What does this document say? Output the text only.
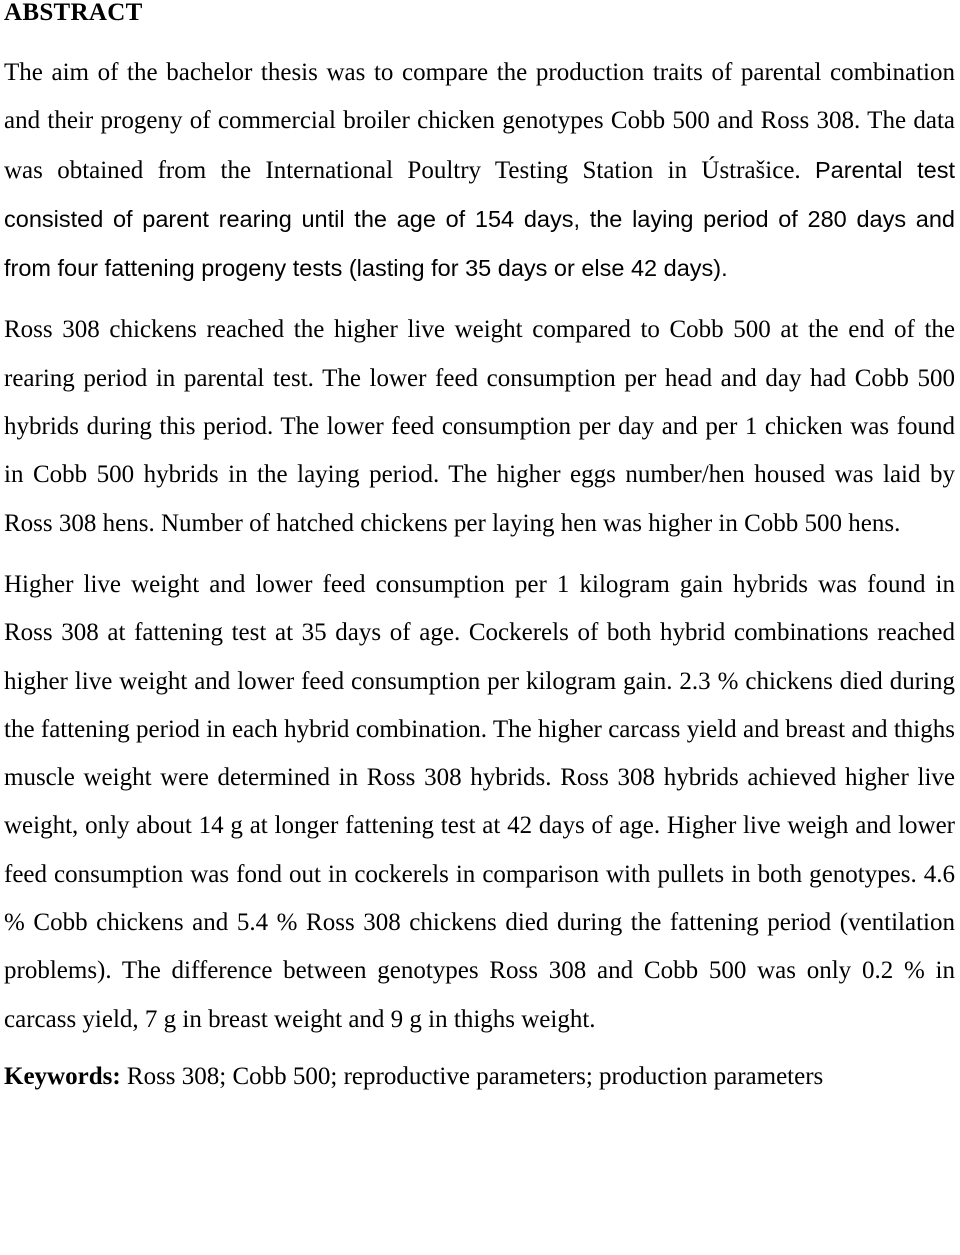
ABSTRACT

The aim of the bachelor thesis was to compare the production traits of parental combination and their progeny of commercial broiler chicken genotypes Cobb 500 and Ross 308. The data was obtained from the International Poultry Testing Station in Ústrašice. Parental test consisted of parent rearing until the age of 154 days, the laying period of 280 days and from four fattening progeny tests (lasting for 35 days or else 42 days).

Ross 308 chickens reached the higher live weight compared to Cobb 500 at the end of the rearing period in parental test. The lower feed consumption per head and day had Cobb 500 hybrids during this period. The lower feed consumption per day and per 1 chicken was found in Cobb 500 hybrids in the laying period. The higher eggs number/hen housed was laid by Ross 308 hens. Number of hatched chickens per laying hen was higher in Cobb 500 hens.

Higher live weight and lower feed consumption per 1 kilogram gain hybrids was found in Ross 308 at fattening test at 35 days of age. Cockerels of both hybrid combinations reached higher live weight and lower feed consumption per kilogram gain. 2.3 % chickens died during the fattening period in each hybrid combination. The higher carcass yield and breast and thighs muscle weight were determined in Ross 308 hybrids. Ross 308 hybrids achieved higher live weight, only about 14 g at longer fattening test at 42 days of age. Higher live weigh and lower feed consumption was fond out in cockerels in comparison with pullets in both genotypes. 4.6 % Cobb chickens and 5.4 % Ross 308 chickens died during the fattening period (ventilation problems). The difference between genotypes Ross 308 and Cobb 500 was only 0.2 % in carcass yield, 7 g in breast weight and 9 g in thighs weight.

Keywords: Ross 308; Cobb 500; reproductive parameters; production parameters
